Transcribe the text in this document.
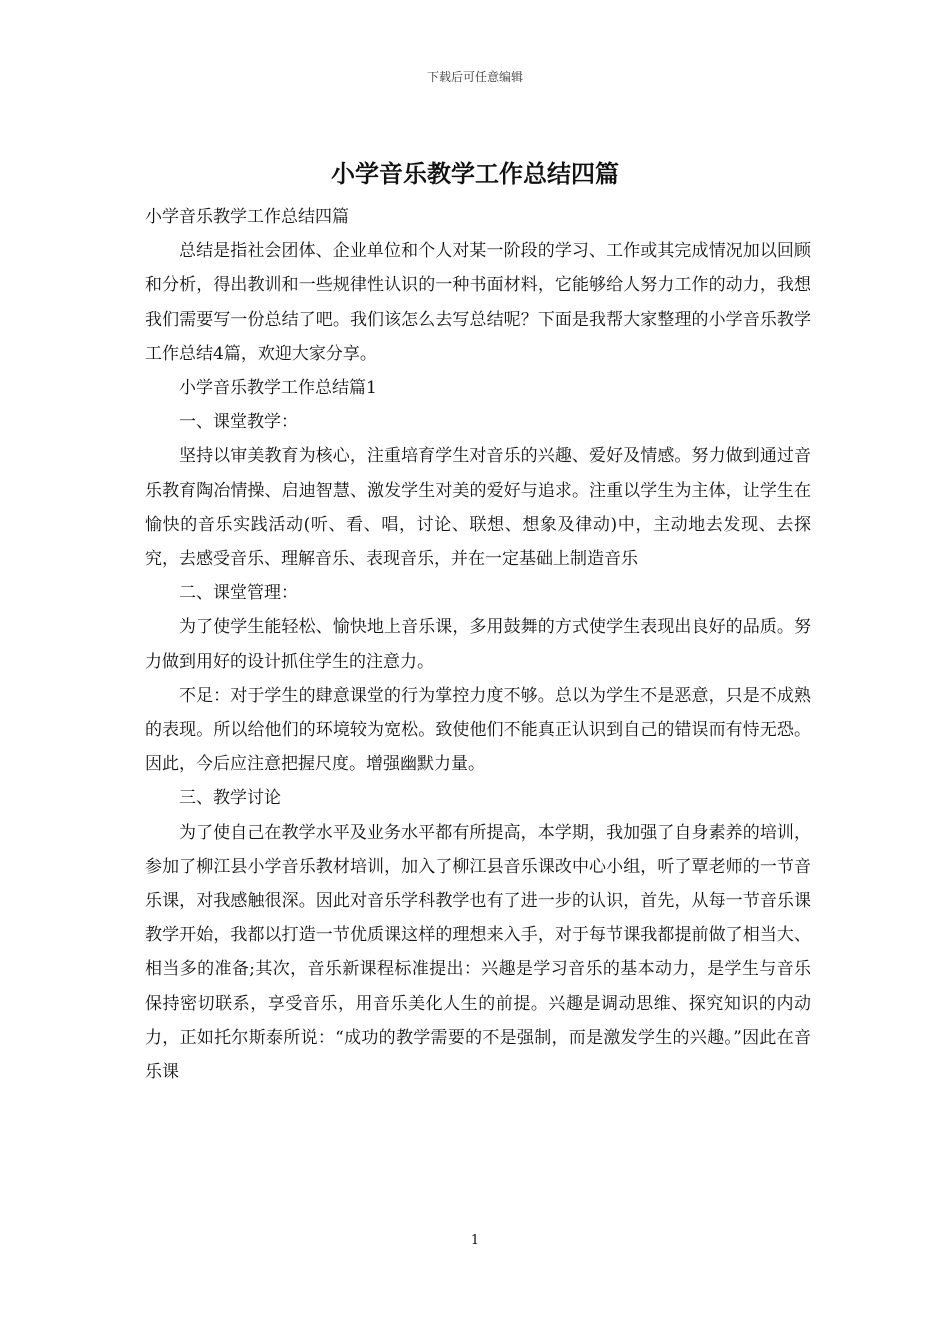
下载后可任意编辑
小学音乐教学工作总结四篇

小学音乐教学工作总结四篇

总结是指社会团体、企业单位和个人对某一阶段的学习、工作或其完成情况加以回顾和分析，得出教训和一些规律性认识的一种书面材料，它能够给人努力工作的动力，我想我们需要写一份总结了吧。我们该怎么去写总结呢？下面是我帮大家整理的小学音乐教学工作总结4篇，欢迎大家分享。

小学音乐教学工作总结篇1

一、课堂教学：

坚持以审美教育为核心，注重培育学生对音乐的兴趣、爱好及情感。努力做到通过音乐教育陶冶情操、启迪智慧、激发学生对美的爱好与追求。注重以学生为主体，让学生在愉快的音乐实践活动(听、看、唱，讨论、联想、想象及律动)中，主动地去发现、去探究，去感受音乐、理解音乐、表现音乐，并在一定基础上制造音乐

二、课堂管理：

为了使学生能轻松、愉快地上音乐课，多用鼓舞的方式使学生表现出良好的品质。努力做到用好的设计抓住学生的注意力。

不足：对于学生的肆意课堂的行为掌控力度不够。总以为学生不是恶意，只是不成熟的表现。所以给他们的环境较为宽松。致使他们不能真正认识到自己的错误而有恃无恐。因此，今后应注意把握尺度。增强幽默力量。

三、教学讨论

为了使自己在教学水平及业务水平都有所提高，本学期，我加强了自身素养的培训，参加了柳江县小学音乐教材培训，加入了柳江县音乐课改中心小组，听了覃老师的一节音乐课，对我感触很深。因此对音乐学科教学也有了进一步的认识，首先，从每一节音乐课教学开始，我都以打造一节优质课这样的理想来入手，对于每节课我都提前做了相当大、相当多的准备;其次，音乐新课程标准提出：兴趣是学习音乐的基本动力，是学生与音乐保持密切联系，享受音乐，用音乐美化人生的前提。兴趣是调动思维、探究知识的内动力，正如托尔斯泰所说：“成功的教学需要的不是强制，而是激发学生的兴趣。”因此在音乐课

1
